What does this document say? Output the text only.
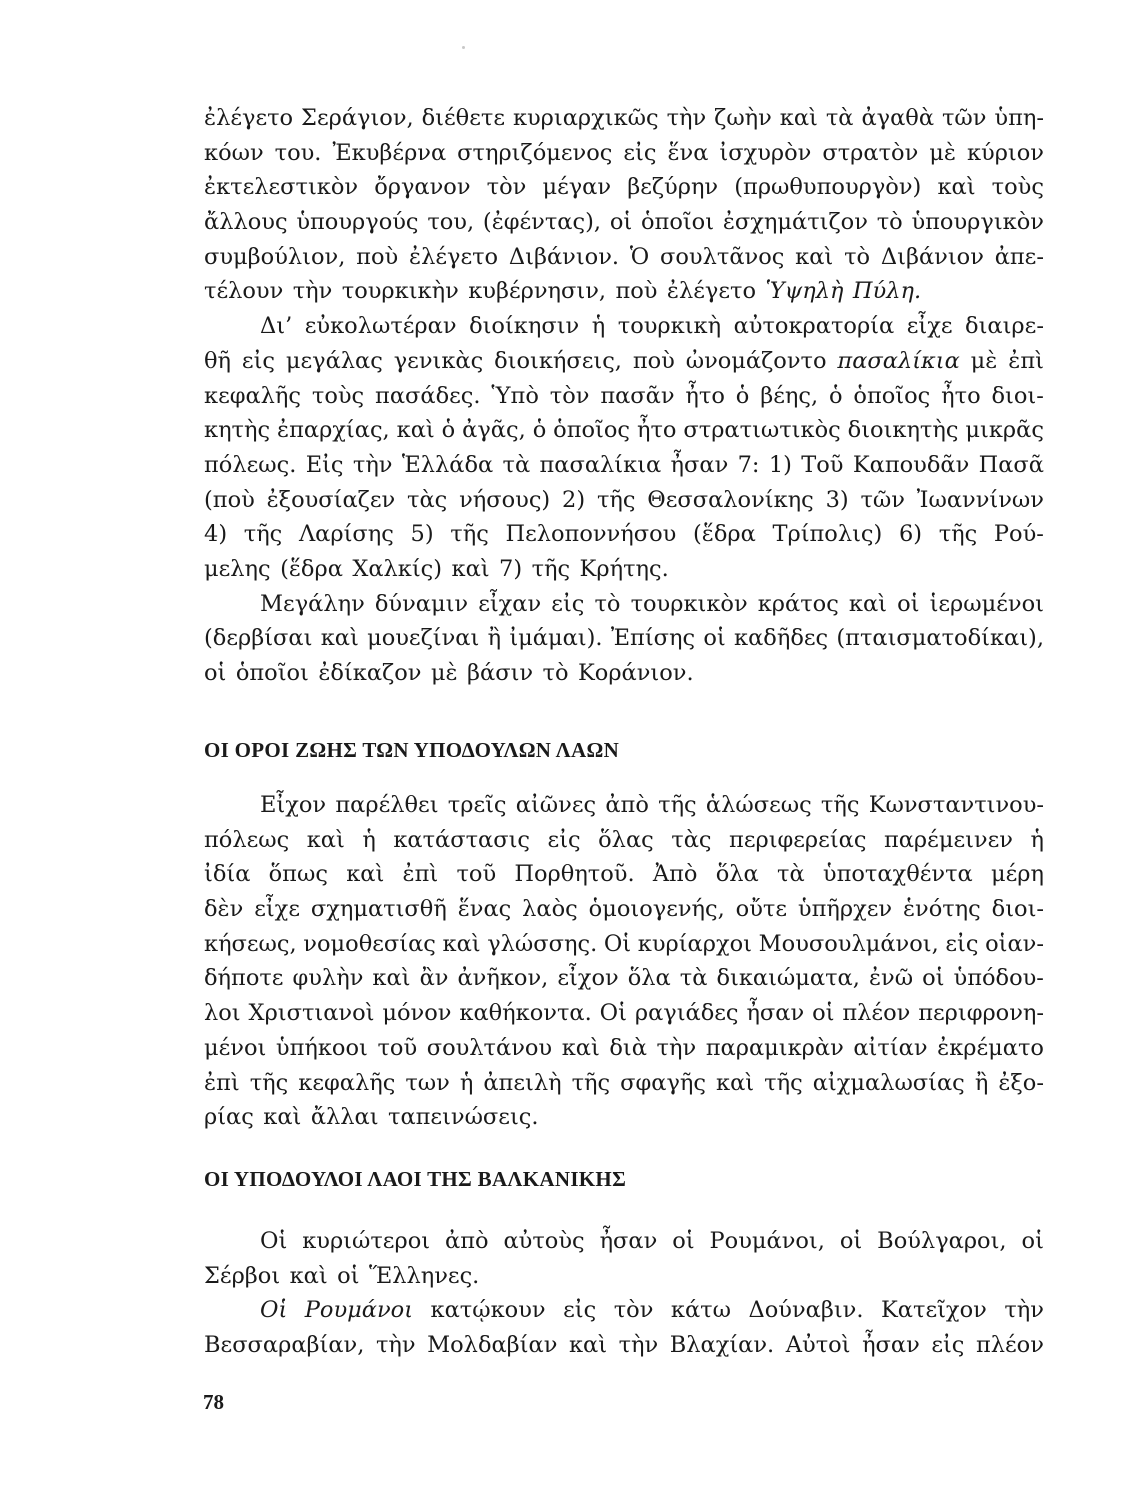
ἐλέγετο Σεράγιον, διέθετε κυριαρχικῶς τὴν ζωὴν καὶ τὰ ἀγαθὰ τῶν ὑπη-
κόων του. Ἐκυβέρνα στηριζόμενος εἰς ἕνα ἰσχυρὸν στρατὸν μὲ κύριον
ἐκτελεστικὸν ὄργανον τὸν μέγαν βεζύρην (πρωθυπουργὸν) καὶ τοὺς
ἄλλους ὑπουργούς του, (ἐφέντας), οἱ ὁποῖοι ἐσχημάτιζον τὸ ὑπουργικὸν
συμβούλιον, ποὺ ἐλέγετο Διβάνιον. Ὁ σουλτᾶνος καὶ τὸ Διβάνιον ἀπε-
τέλουν τὴν τουρκικὴν κυβέρνησιν, ποὺ ἐλέγετο Ὑψηλὴ Πύλη.
Δι’ εὐκολωτέραν διοίκησιν ἡ τουρκικὴ αὐτοκρατορία εἶχε διαιρε-
θῆ εἰς μεγάλας γενικὰς διοικήσεις, ποὺ ὠνομάζοντο πασαλίκια μὲ ἐπὶ
κεφαλῆς τοὺς πασάδες. Ὑπὸ τὸν πασᾶν ἦτο ὁ βέης, ὁ ὁποῖος ἦτο διοι-
κητὴς ἐπαρχίας, καὶ ὁ ἀγᾶς, ὁ ὁποῖος ἦτο στρατιωτικὸς διοικητὴς μικρᾶς
πόλεως. Εἰς τὴν Ἑλλάδα τὰ πασαλίκια ἦσαν 7: 1) Τοῦ Καπουδᾶν Πασᾶ
(ποὺ ἐξουσίαζεν τὰς νήσους) 2) τῆς Θεσσαλονίκης 3) τῶν Ἰωαννίνων
4) τῆς Λαρίσης 5) τῆς Πελοποννήσου (ἕδρα Τρίπολις) 6) τῆς Ρού-
μελης (ἕδρα Χαλκίς) καὶ 7) τῆς Κρήτης.
Μεγάλην δύναμιν εἶχαν εἰς τὸ τουρκικὸν κράτος καὶ οἱ ἱερωμένοι
(δερβίσαι καὶ μουεζίναι ἢ ἰμάμαι). Ἐπίσης οἱ καδῆδες (πταισματοδίκαι),
οἱ ὁποῖοι ἐδίκαζον μὲ βάσιν τὸ Κοράνιον.
ΟΙ ΟΡΟΙ ΖΩΗΣ ΤΩΝ ΥΠΟΔΟΥΛΩΝ ΛΑΩΝ
Εἶχον παρέλθει τρεῖς αἰῶνες ἀπὸ τῆς ἁλώσεως τῆς Κωνσταντινου-
πόλεως καὶ ἡ κατάστασις εἰς ὅλας τὰς περιφερείας παρέμεινεν ἡ
ἰδία ὅπως καὶ ἐπὶ τοῦ Πορθητοῦ. Ἀπὸ ὅλα τὰ ὑποταχθέντα μέρη
δὲν εἶχε σχηματισθῆ ἕνας λαὸς ὁμοιογενής, οὔτε ὑπῆρχεν ἑνότης διοι-
κήσεως, νομοθεσίας καὶ γλώσσης. Οἱ κυρίαρχοι Μουσουλμάνοι, εἰς οἱαν-
δήποτε φυλὴν καὶ ἂν ἀνῆκον, εἶχον ὅλα τὰ δικαιώματα, ἐνῶ οἱ ὑπόδου-
λοι Χριστιανοὶ μόνον καθήκοντα. Οἱ ραγιάδες ἦσαν οἱ πλέον περιφρονη-
μένοι ὑπήκοοι τοῦ σουλτάνου καὶ διὰ τὴν παραμικρὰν αἰτίαν ἐκρέματο
ἐπὶ τῆς κεφαλῆς των ἡ ἀπειλὴ τῆς σφαγῆς καὶ τῆς αἰχμαλωσίας ἢ ἐξο-
ρίας καὶ ἄλλαι ταπεινώσεις.
ΟΙ ΥΠΟΔΟΥΛΟΙ ΛΑΟΙ ΤΗΣ ΒΑΛΚΑΝΙΚΗΣ
Οἱ κυριώτεροι ἀπὸ αὐτοὺς ἦσαν οἱ Ρουμάνοι, οἱ Βούλγαροι, οἱ
Σέρβοι καὶ οἱ Ἕλληνες.
Οἱ Ρουμάνοι κατῴκουν εἰς τὸν κάτω Δούναβιν. Κατεῖχον τὴν
Βεσσαραβίαν, τὴν Μολδαβίαν καὶ τὴν Βλαχίαν. Αὐτοὶ ἦσαν εἰς πλέον
78
